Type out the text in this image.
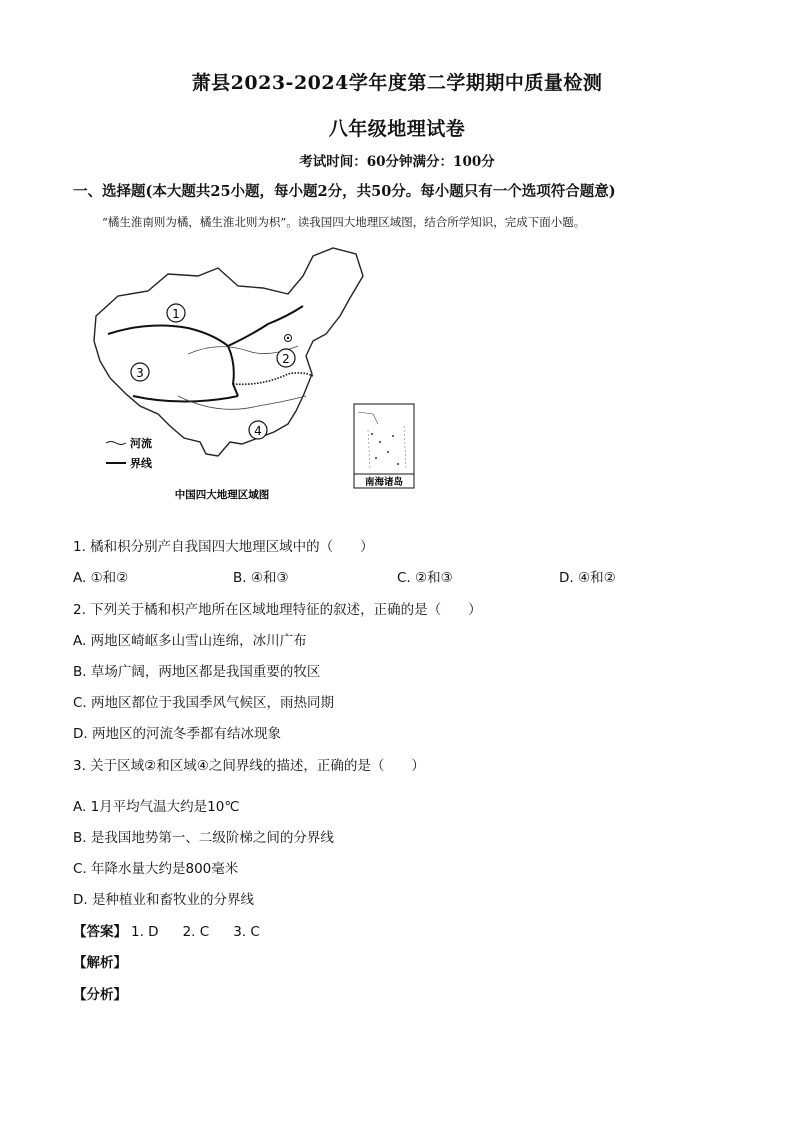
萧县2023-2024学年度第二学期期中质量检测
八年级地理试卷
考试时间：60分钟满分：100分
一、选择题(本大题共25小题，每小题2分，共50分。每小题只有一个选项符合题意)
“橘生淮南则为橘，橘生淮北则为枳”。读我国四大地理区域图，结合所学知识，完成下面小题。
1
2
3
4
河流
界线
南海诸岛
中国四大地理区域图
1. 橘和枳分别产自我国四大地理区域中的（　　）
A. ①和②	B. ④和③	C. ②和③	D. ④和②
2. 下列关于橘和枳产地所在区域地理特征的叙述，正确的是（　　）
A. 两地区崎岖多山雪山连绵，冰川广布
B. 草场广阔，两地区都是我国重要的牧区
C. 两地区都位于我国季风气候区，雨热同期
D. 两地区的河流冬季都有结冰现象
3. 关于区域②和区域④之间界线的描述，正确的是（　　）
A. 1月平均气温大约是10℃
B. 是我国地势第一、二级阶梯之间的分界线
C. 年降水量大约是800毫米
D. 是种植业和畜牧业的分界线
【答案】 1. D 2. C 3. C
【解析】
【分析】
